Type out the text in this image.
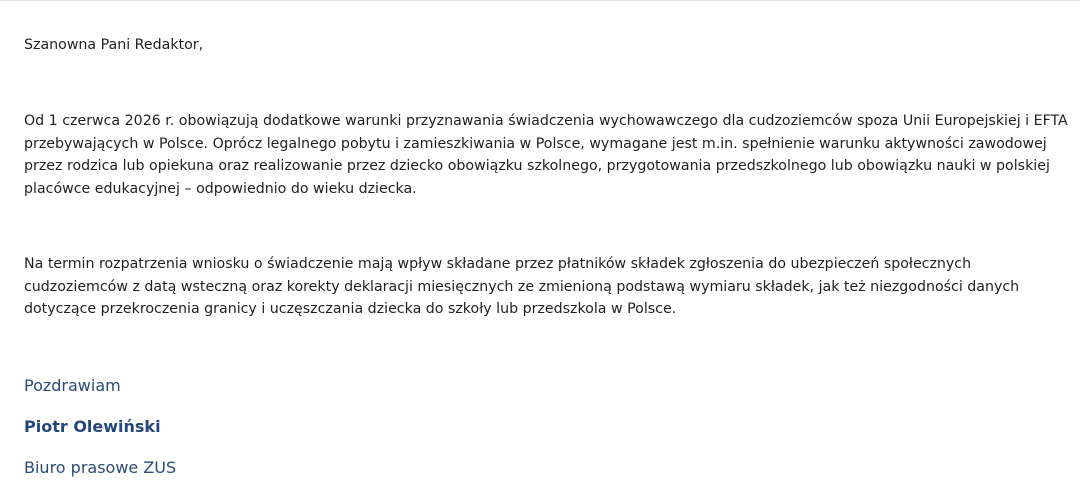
Szanowna Pani Redaktor,

Od 1 czerwca 2026 r. obowiązują dodatkowe warunki przyznawania świadczenia wychowawczego dla cudzoziemców spoza Unii Europejskiej i EFTA przebywających w Polsce. Oprócz legalnego pobytu i zamieszkiwania w Polsce, wymagane jest m.in. spełnienie warunku aktywności zawodowej przez rodzica lub opiekuna oraz realizowanie przez dziecko obowiązku szkolnego, przygotowania przedszkolnego lub obowiązku nauki w polskiej placówce edukacyjnej – odpowiednio do wieku dziecka.

Na termin rozpatrzenia wniosku o świadczenie mają wpływ składane przez płatników składek zgłoszenia do ubezpieczeń społecznych cudzoziemców z datą wsteczną oraz korekty deklaracji miesięcznych ze zmienioną podstawą wymiaru składek, jak też niezgodności danych dotyczące przekroczenia granicy i uczęszczania dziecka do szkoły lub przedszkola w Polsce.

Pozdrawiam
Piotr Olewiński
Biuro prasowe ZUS
